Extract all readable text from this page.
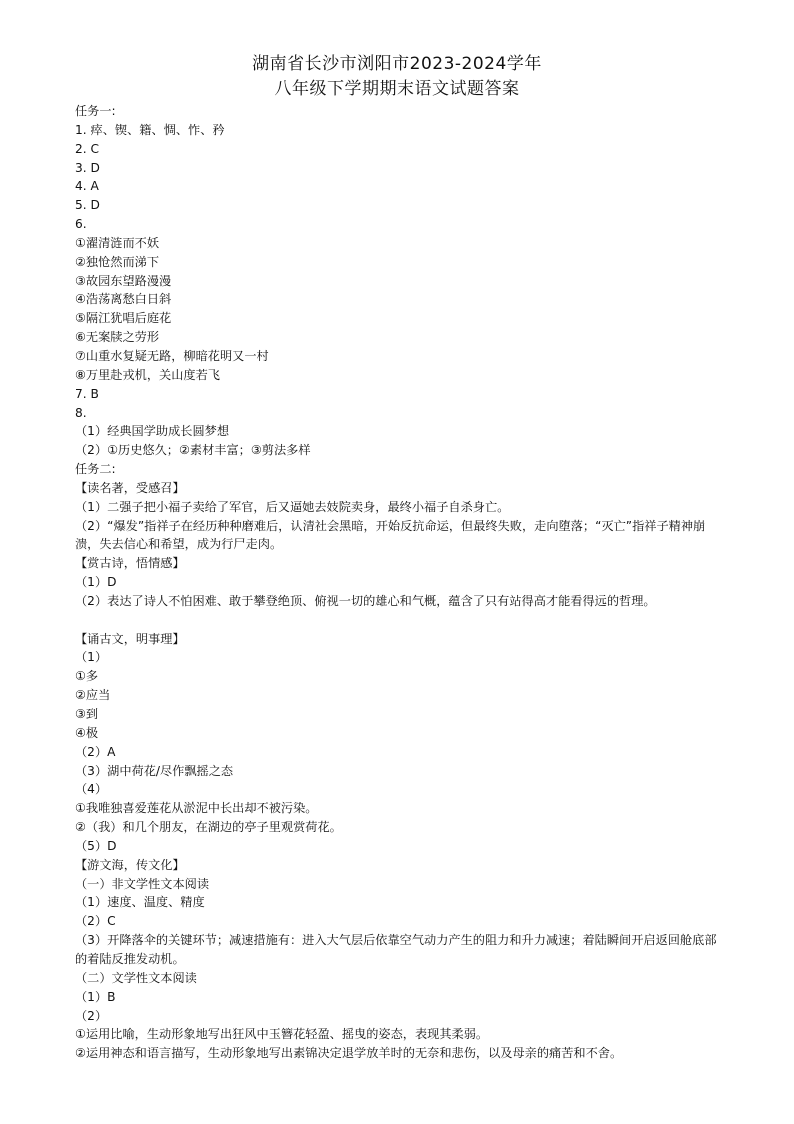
湖南省长沙市浏阳市2023-2024学年
八年级下学期期末语文试题答案
任务一:
1. 瘁、锲、籍、惆、怍、矜
2. C
3. D
4. A
5. D
6.
①濯清涟而不妖
②独怆然而涕下
③故园东望路漫漫
④浩荡离愁白日斜
⑤隔江犹唱后庭花
⑥无案牍之劳形
⑦山重水复疑无路，柳暗花明又一村
⑧万里赴戎机，关山度若飞
7. B
8.
（1）经典国学助成长圆梦想
（2）①历史悠久；②素材丰富；③剪法多样
任务二:
【读名著，受感召】
（1）二强子把小福子卖给了军官，后又逼她去妓院卖身，最终小福子自杀身亡。
（2）“爆发”指祥子在经历种种磨难后，认清社会黑暗，开始反抗命运，但最终失败，走向堕落；“灭亡”指祥子精神崩溃，失去信心和希望，成为行尸走肉。
【赏古诗，悟情感】
（1）D
（2）表达了诗人不怕困难、敢于攀登绝顶、俯视一切的雄心和气概，蕴含了只有站得高才能看得远的哲理。
【诵古文，明事理】
（1）
①多
②应当
③到
④极
（2）A
（3）湖中荷花/尽作飘摇之态
（4）
①我唯独喜爱莲花从淤泥中长出却不被污染。
②（我）和几个朋友，在湖边的亭子里观赏荷花。
（5）D
【游文海，传文化】
（一）非文学性文本阅读
（1）速度、温度、精度
（2）C
（3）开降落伞的关键环节；减速措施有：进入大气层后依靠空气动力产生的阻力和升力减速；着陆瞬间开启返回舱底部的着陆反推发动机。
（二）文学性文本阅读
（1）B
（2）
①运用比喻，生动形象地写出狂风中玉簪花轻盈、摇曳的姿态，表现其柔弱。
②运用神态和语言描写，生动形象地写出素锦决定退学放羊时的无奈和悲伤，以及母亲的痛苦和不舍。
